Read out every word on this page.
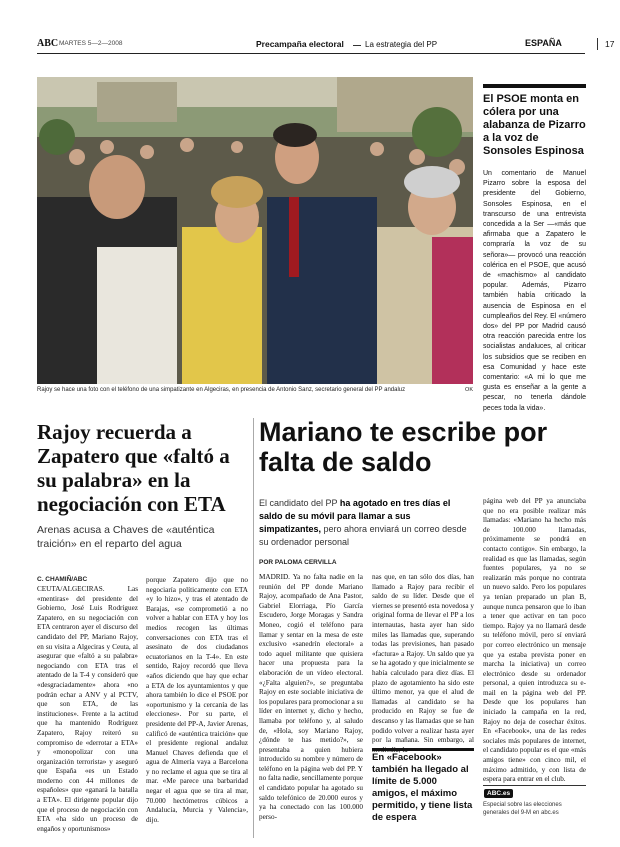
ABC MARTES 5—2—2008	Precampaña electoral	La estrategia del PP	ESPAÑA	17
Rajoy se hace una foto con el teléfono de una simpatizante en Algeciras, en presencia de Antonio Sanz, secretario general del PP andaluz	OK
El PSOE monta en cólera por una alabanza de Pizarro a la voz de Sonsoles Espinosa
Un comentario de Manuel Pizarro sobre la esposa del presidente del Gobierno, Sonsoles Espinosa, en el transcurso de una entrevista concedida a la Ser —«más que afirmaba que a Zapatero le compraría la voz de su señora»— provocó una reacción colérica en el PSOE, que acusó de «machismo» al candidato popular. Además, Pizarro también había criticado la ausencia de Espinosa en el cumpleaños del Rey. El «número dos» del PP por Madrid causó otra reacción parecida entre los socialistas andaluces, al criticar los subsidios que se reciben en esa Comunidad y hace este comentario: «A mi lo que me gusta es enseñar a la gente a pescar, no tenerla dándole peces toda la vida».
Rajoy recuerda a Zapatero que «faltó a su palabra» en la negociación con ETA
Arenas acusa a Chaves de «auténtica traición» en el reparto del agua
C. CHAMIÑ/ABC
CEUTA/ALGECIRAS. Las «mentiras» del presidente del Gobierno, José Luis Rodríguez Zapatero, en su negociación con ETA centraron ayer el discurso del candidato del PP, Mariano Rajoy, en su visita a Algeciras y Ceuta, al asegurar que «faltó a su palabra» negociando con ETA tras el atentado de la T-4 y consideró que «desgraciadamente» ahora «no podrán echar a ANV y al PCTV, que son ETA, de las instituciones». Frente a la actitud que ha mantenido Rodríguez Zapatero, Rajoy reiteró su compromiso de «derrotar a ETA» y «monopolizar con una organización terrorista» y aseguró que España «es un Estado moderno con 44 millones de españoles» que «ganará la batalla a ETA». El dirigente popular dijo que el proceso de negociación con ETA «ha sido un proceso de engaños y oportunismos»
porque Zapatero dijo que no negociaría políticamente con ETA «y lo hizo», y tras el atentado de Barajas, «se comprometió a no volver a hablar con ETA y hoy los medios recogen las últimas conversaciones con ETA tras el asesinato de dos ciudadanos ecuatorianos en la T-4». En este sentido, Rajoy recordó que lleva «años diciendo que hay que echar a ETA de los ayuntamientos y que ahora también lo dice el PSOE por «oportunismo y la cercanía de las elecciones». Por su parte, el presidente del PP-A, Javier Arenas, calificó de «auténtica traición» que el presidente regional andaluz Manuel Chaves defienda que el agua de Almería vaya a Barcelona y no reclame el agua que se tira al mar. «Me parece una barbaridad negar el agua que se tira al mar, 70.000 hectómetros cúbicos a Andalucía, Murcia y Valencia», dijo.
Mariano te escribe por falta de saldo
El candidato del PP ha agotado en tres días el saldo de su móvil para llamar a sus simpatizantes, pero ahora enviará un correo desde su ordenador personal
POR PALOMA CERVILLA
MADRID. Ya no falta nadie en la reunión del PP donde Mariano Rajoy, acompañado de Ana Pastor, Gabriel Elorriaga, Pío García Escudero, Jorge Moragas y Sandra Moneo, cogió el teléfono para llamar y sentar en la mesa de este exclusivo «sanedrín electoral» a todo aquel militante que quisiera hacer una propuesta para la elaboración de un vídeo electoral. «¿Falta alguien?», se preguntaba Rajoy en este sociable iniciativa de los populares para promocionar a su líder en internet y, dicho y hecho, llamaba por teléfono y, al saludo de, «Hola, soy Mariano Rajoy, ¿dónde te has metido?», se presentaba a quien hubiera introducido su nombre y número de teléfono en la página web del PP. Y no falta nadie, sencillamente porque el candidato popular ha agotado su saldo telefónico de 20.000 euros y ya ha conectado con las 100.000 perso-
nas que, en tan sólo dos días, han llamado a Rajoy para recibir el saldo de su líder. Desde que el viernes se presentó esta novedosa y original forma de llevar el PP a los internautas, hasta ayer han sido miles las llamadas que, superando todas las previsiones, han pasado «factura» a Rajoy. Un saldo que ya se ha agotado y que inicialmente se había calculado para diez días. El plazo de agotamiento ha sido este último menor, ya que el alud de llamadas al candidato se ha producido en Rajoy se fue de descanso y las llamadas que se han podido volver a realizar hasta ayer por la mañana. Sin embargo, al mediodía, la
página web del PP ya anunciaba que no era posible realizar más llamadas: «Mariano ha hecho más de 100.000 llamadas, próximamente se pondrá en contacto contigo». Sin embargo, la realidad es que las llamadas, según fuentes populares, ya no se realizarán más porque no contrata un nuevo saldo. Pero los populares ya tenían preparado un plan B, aunque nunca pensaron que lo iban a tener que activar en tan poco tiempo. Rajoy ya no llamará desde su teléfono móvil, pero sí enviará por correo electrónico un mensaje que ya estaba prevista poner en marcha la iniciativa) un correo electrónico desde su ordenador personal, a quien introduzca su e-mail en la página web del PP. Desde que los populares han iniciado la campaña en la red, Rajoy no deja de cosechar éxitos. En «Facebook», una de las redes sociales más populares de internet, el candidato popular es el que «más amigos tiene» con cinco mil, el máximo admitido, y con lista de espera para entrar en el club.
En «Facebook» también ha llegado al límite de 5.000 amigos, el máximo permitido, y tiene lista de espera
ABC.es
Especial sobre las elecciones generales del 9-M en abc.es
